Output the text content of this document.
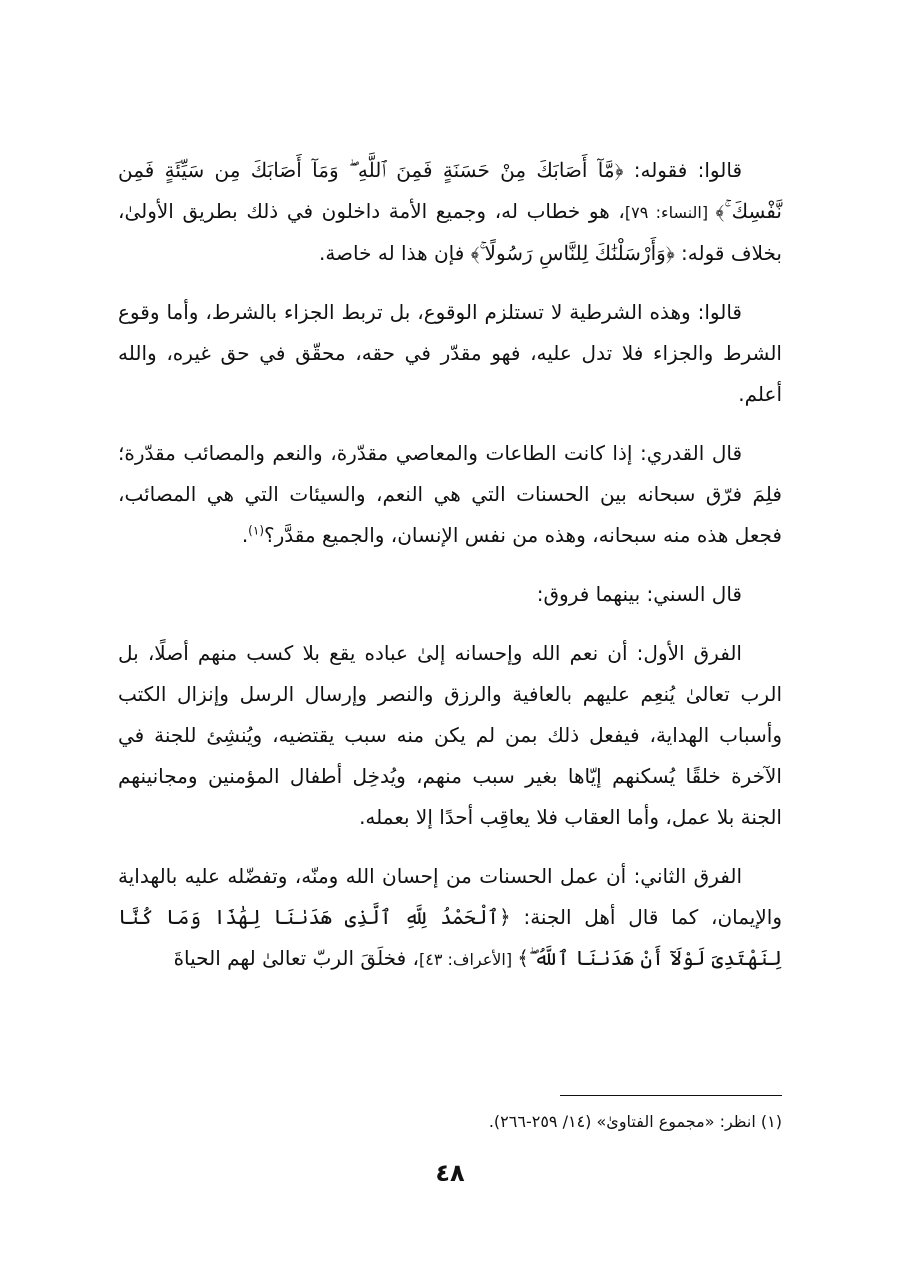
قالوا: فقوله: ﴿مَّآ أَصَابَكَ مِنْ حَسَنَةٍ فَمِنَ ٱللَّهِ ۖ وَمَآ أَصَابَكَ مِن سَيِّئَةٍ فَمِن نَّفْسِكَ ۚ﴾ [النساء: ٧٩]، هو خطاب له، وجميع الأمة داخلون في ذلك بطريق الأولىٰ، بخلاف قوله: ﴿وَأَرْسَلْنَٰكَ لِلنَّاسِ رَسُولًا ۚ﴾ فإن هذا له خاصة.

قالوا: وهذه الشرطية لا تستلزم الوقوع، بل تربط الجزاء بالشرط، وأما وقوع الشرط والجزاء فلا تدل عليه، فهو مقدّر في حقه، محقّق في حق غيره، والله أعلم.

قال القدري: إذا كانت الطاعات والمعاصي مقدّرة، والنعم والمصائب مقدّرة؛ فلِمَ فرّق سبحانه بين الحسنات التي هي النعم، والسيئات التي هي المصائب، فجعل هذه منه سبحانه، وهذه من نفس الإنسان، والجميع مقدَّر؟$^{(١)}$.

قال السني: بينهما فروق:

الفرق الأول: أن نعم الله وإحسانه إلىٰ عباده يقع بلا كسب منهم أصلًا، بل الرب تعالىٰ يُنعِم عليهم بالعافية والرزق والنصر وإرسال الرسل وإنزال الكتب وأسباب الهداية، فيفعل ذلك بمن لم يكن منه سبب يقتضيه، ويُنشِئ للجنة في الآخرة خلقًا يُسكنهم إيّاها بغير سبب منهم، ويُدخِل أطفال المؤمنين ومجانينهم الجنة بلا عمل، وأما العقاب فلا يعاقِب أحدًا إلا بعمله.

الفرق الثاني: أن عمل الحسنات من إحسان الله ومنّه، وتفضّله عليه بالهداية والإيمان، كما قال أهل الجنة: ﴿ٱلْحَمْدُ لِلَّهِ ٱلَّذِى هَدَىٰنَا لِهَٰذَا وَمَا كُنَّا لِنَهْتَدِىَ لَوْلَآ أَنْ هَدَىٰنَا ٱللَّهُ ۖ﴾ [الأعراف: ٤٣]، فخلَقَ الربّ تعالىٰ لهم الحياةَ

(١) انظر: «مجموع الفتاوىٰ» (١٤/ ٢٥٩-٢٦٦).
٤٨
